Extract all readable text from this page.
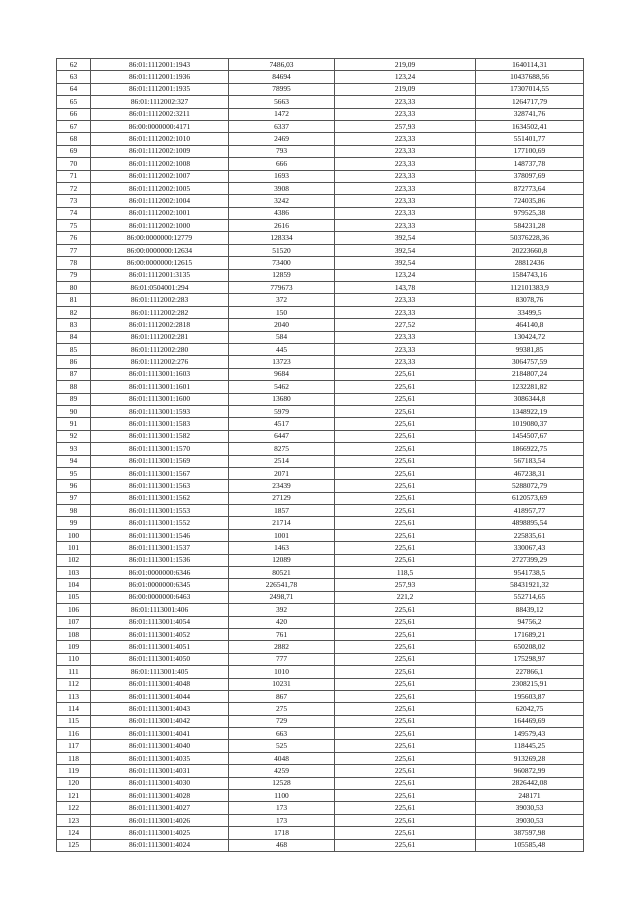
62	86:01:1112001:1943	7486,03	219,09	1640114,31
63	86:01:1112001:1936	84694	123,24	10437688,56
64	86:01:1112001:1935	78995	219,09	17307014,55
65	86:01:1112002:327	5663	223,33	1264717,79
66	86:01:1112002:3211	1472	223,33	328741,76
67	86:00:0000000:4171	6337	257,93	1634502,41
68	86:01:1112002:1010	2469	223,33	551401,77
69	86:01:1112002:1009	793	223,33	177100,69
70	86:01:1112002:1008	666	223,33	148737,78
71	86:01:1112002:1007	1693	223,33	378097,69
72	86:01:1112002:1005	3908	223,33	872773,64
73	86:01:1112002:1004	3242	223,33	724035,86
74	86:01:1112002:1001	4386	223,33	979525,38
75	86:01:1112002:1000	2616	223,33	584231,28
76	86:00:0000000:12779	128334	392,54	50376228,36
77	86:00:0000000:12634	51520	392,54	20223660,8
78	86:00:0000000:12615	73400	392,54	28812436
79	86:01:1112001:3135	12859	123,24	1584743,16
80	86:01:0504001:294	779673	143,78	112101383,9
81	86:01:1112002:283	372	223,33	83078,76
82	86:01:1112002:282	150	223,33	33499,5
83	86:01:1112002:2818	2040	227,52	464140,8
84	86:01:1112002:281	584	223,33	130424,72
85	86:01:1112002:280	445	223,33	99381,85
86	86:01:1112002:276	13723	223,33	3064757,59
87	86:01:1113001:1603	9684	225,61	2184807,24
88	86:01:1113001:1601	5462	225,61	1232281,82
89	86:01:1113001:1600	13680	225,61	3086344,8
90	86:01:1113001:1593	5979	225,61	1348922,19
91	86:01:1113001:1583	4517	225,61	1019080,37
92	86:01:1113001:1582	6447	225,61	1454507,67
93	86:01:1113001:1570	8275	225,61	1866922,75
94	86:01:1113001:1569	2514	225,61	567183,54
95	86:01:1113001:1567	2071	225,61	467238,31
96	86:01:1113001:1563	23439	225,61	5288072,79
97	86:01:1113001:1562	27129	225,61	6120573,69
98	86:01:1113001:1553	1857	225,61	418957,77
99	86:01:1113001:1552	21714	225,61	4898895,54
100	86:01:1113001:1546	1001	225,61	225835,61
101	86:01:1113001:1537	1463	225,61	330067,43
102	86:01:1113001:1536	12089	225,61	2727399,29
103	86:01:0000000:6346	80521	118,5	9541738,5
104	86:01:0000000:6345	226541,78	257,93	58431921,32
105	86:00:0000000:6463	2498,71	221,2	552714,65
106	86:01:1113001:406	392	225,61	88439,12
107	86:01:1113001:4054	420	225,61	94756,2
108	86:01:1113001:4052	761	225,61	171689,21
109	86:01:1113001:4051	2882	225,61	650208,02
110	86:01:1113001:4050	777	225,61	175298,97
111	86:01:1113001:405	1010	225,61	227866,1
112	86:01:1113001:4048	10231	225,61	2308215,91
113	86:01:1113001:4044	867	225,61	195603,87
114	86:01:1113001:4043	275	225,61	62042,75
115	86:01:1113001:4042	729	225,61	164469,69
116	86:01:1113001:4041	663	225,61	149579,43
117	86:01:1113001:4040	525	225,61	118445,25
118	86:01:1113001:4035	4048	225,61	913269,28
119	86:01:1113001:4031	4259	225,61	960872,99
120	86:01:1113001:4030	12528	225,61	2826442,08
121	86:01:1113001:4028	1100	225,61	248171
122	86:01:1113001:4027	173	225,61	39030,53
123	86:01:1113001:4026	173	225,61	39030,53
124	86:01:1113001:4025	1718	225,61	387597,98
125	86:01:1113001:4024	468	225,61	105585,48
